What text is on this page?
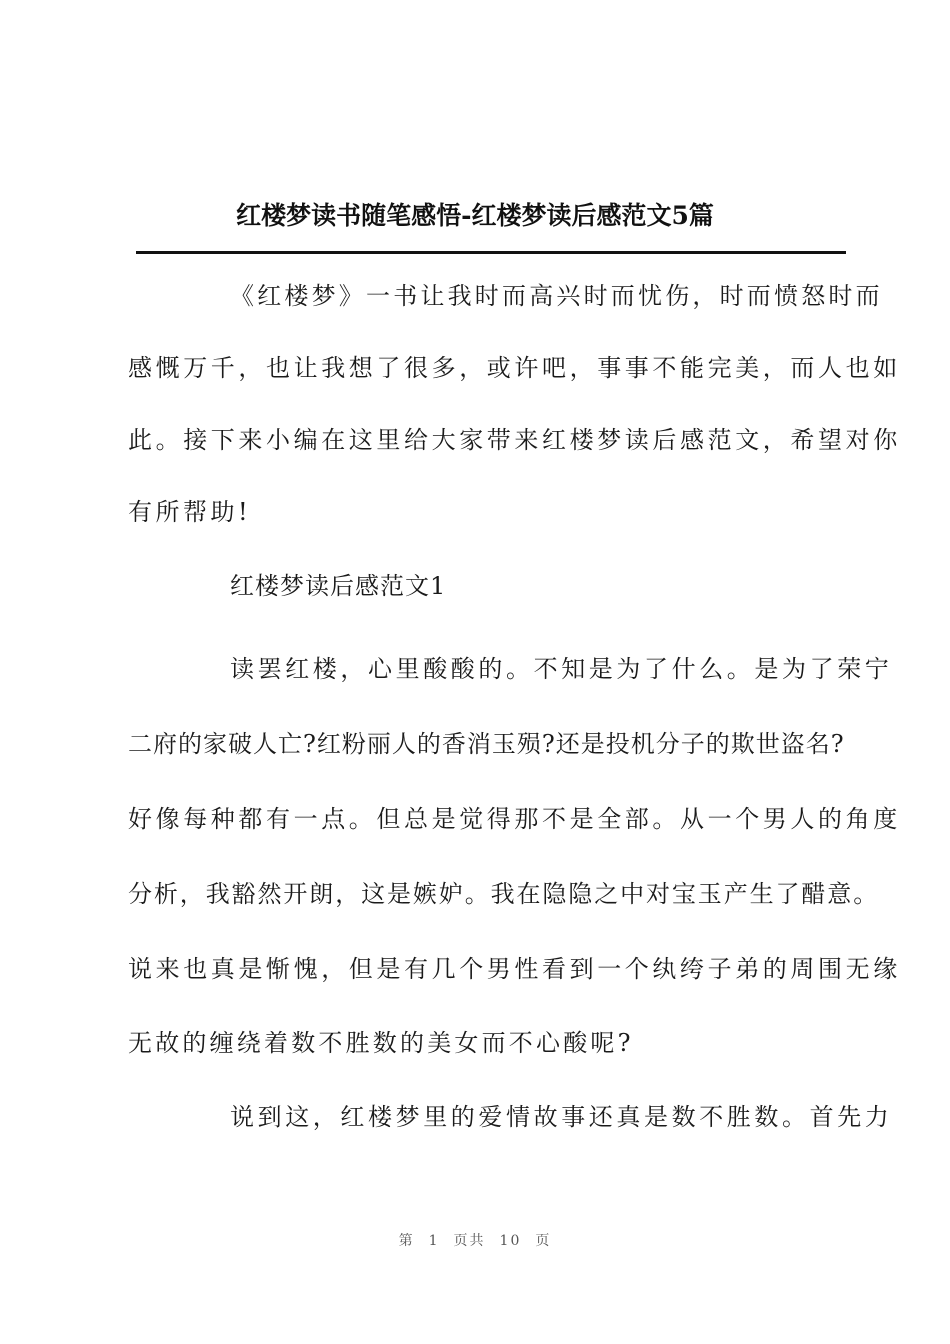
红楼梦读书随笔感悟-红楼梦读后感范文5篇
《红楼梦》一书让我时而高兴时而忧伤，时而愤怒时而
感慨万千，也让我想了很多，或许吧，事事不能完美，而人也如
此。接下来小编在这里给大家带来红楼梦读后感范文，希望对你
有所帮助!
红楼梦读后感范文1
读罢红楼，心里酸酸的。不知是为了什么。是为了荣宁
二府的家破人亡?红粉丽人的香消玉殒?还是投机分子的欺世盗名?
好像每种都有一点。但总是觉得那不是全部。从一个男人的角度
分析，我豁然开朗，这是嫉妒。我在隐隐之中对宝玉产生了醋意。
说来也真是惭愧，但是有几个男性看到一个纨绔子弟的周围无缘
无故的缠绕着数不胜数的美女而不心酸呢?
说到这，红楼梦里的爱情故事还真是数不胜数。首先力
第 1 页共 10 页
